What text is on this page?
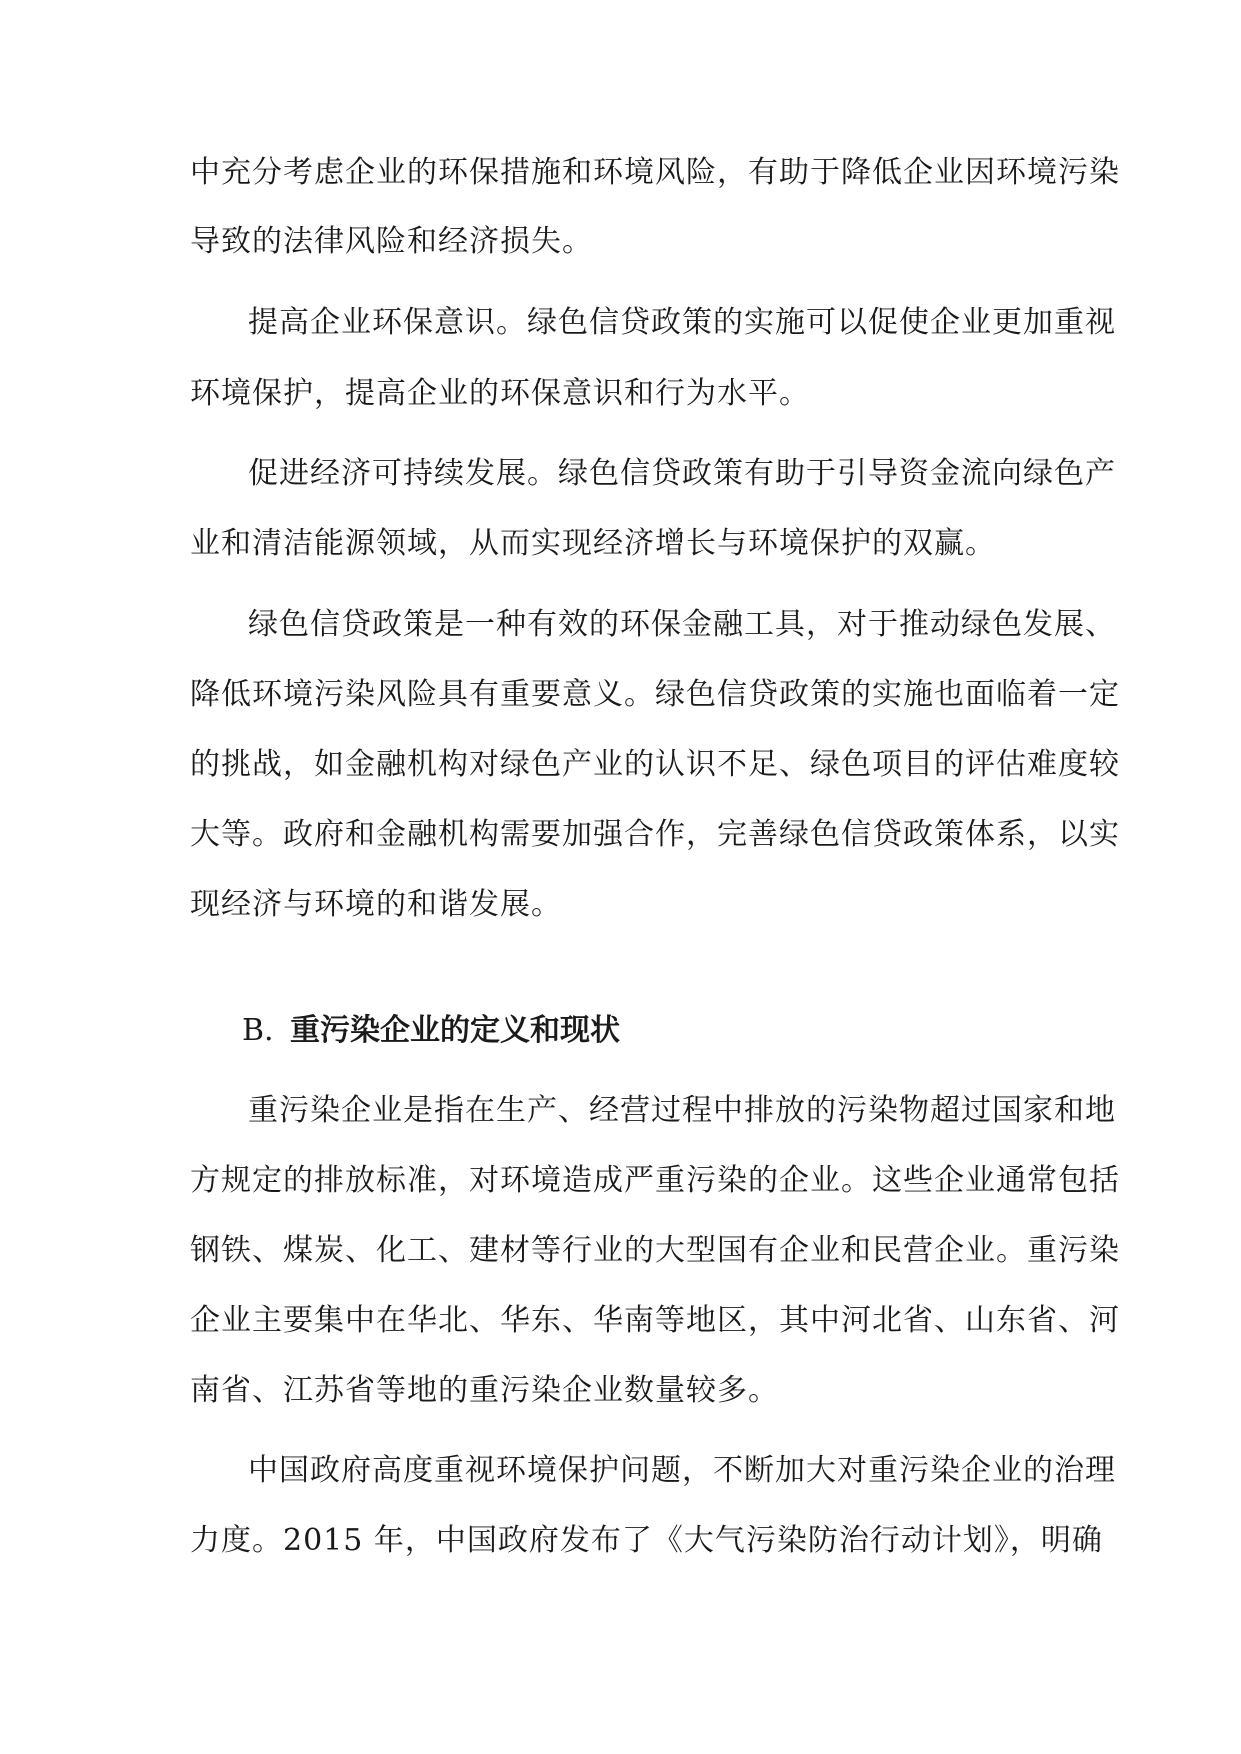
中充分考虑企业的环保措施和环境风险，有助于降低企业因环境污染
导致的法律风险和经济损失。
提高企业环保意识。绿色信贷政策的实施可以促使企业更加重视
环境保护，提高企业的环保意识和行为水平。
促进经济可持续发展。绿色信贷政策有助于引导资金流向绿色产
业和清洁能源领域，从而实现经济增长与环境保护的双赢。
绿色信贷政策是一种有效的环保金融工具，对于推动绿色发展、
降低环境污染风险具有重要意义。绿色信贷政策的实施也面临着一定
的挑战，如金融机构对绿色产业的认识不足、绿色项目的评估难度较
大等。政府和金融机构需要加强合作，完善绿色信贷政策体系，以实
现经济与环境的和谐发展。
B. 重污染企业的定义和现状
重污染企业是指在生产、经营过程中排放的污染物超过国家和地
方规定的排放标准，对环境造成严重污染的企业。这些企业通常包括
钢铁、煤炭、化工、建材等行业的大型国有企业和民营企业。重污染
企业主要集中在华北、华东、华南等地区，其中河北省、山东省、河
南省、江苏省等地的重污染企业数量较多。
中国政府高度重视环境保护问题，不断加大对重污染企业的治理
力度。2015 年，中国政府发布了《大气污染防治行动计划》，明确
